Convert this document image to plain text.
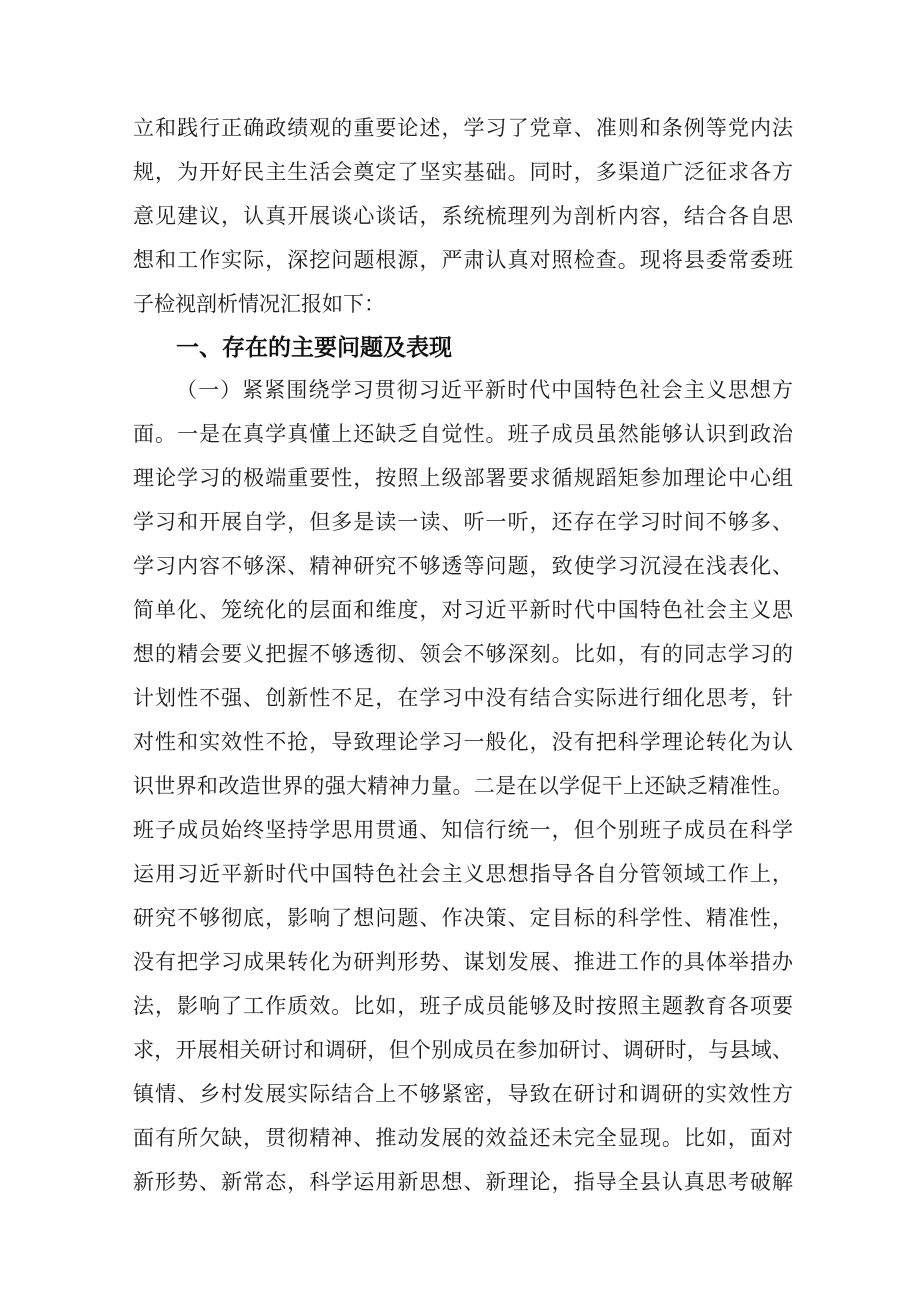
立和践行正确政绩观的重要论述，学习了党章、准则和条例等党内法
规，为开好民主生活会奠定了坚实基础。同时，多渠道广泛征求各方
意见建议，认真开展谈心谈话，系统梳理列为剖析内容，结合各自思
想和工作实际，深挖问题根源，严肃认真对照检查。现将县委常委班
子检视剖析情况汇报如下：
一、存在的主要问题及表现
（一）紧紧围绕学习贯彻习近平新时代中国特色社会主义思想方
面。一是在真学真懂上还缺乏自觉性。班子成员虽然能够认识到政治
理论学习的极端重要性，按照上级部署要求循规蹈矩参加理论中心组
学习和开展自学，但多是读一读、听一听，还存在学习时间不够多、
学习内容不够深、精神研究不够透等问题，致使学习沉浸在浅表化、
简单化、笼统化的层面和维度，对习近平新时代中国特色社会主义思
想的精会要义把握不够透彻、领会不够深刻。比如，有的同志学习的
计划性不强、创新性不足，在学习中没有结合实际进行细化思考，针
对性和实效性不抢，导致理论学习一般化，没有把科学理论转化为认
识世界和改造世界的强大精神力量。二是在以学促干上还缺乏精准性。
班子成员始终坚持学思用贯通、知信行统一，但个别班子成员在科学
运用习近平新时代中国特色社会主义思想指导各自分管领域工作上，
研究不够彻底，影响了想问题、作决策、定目标的科学性、精准性，
没有把学习成果转化为研判形势、谋划发展、推进工作的具体举措办
法，影响了工作质效。比如，班子成员能够及时按照主题教育各项要
求，开展相关研讨和调研，但个别成员在参加研讨、调研时，与县域、
镇情、乡村发展实际结合上不够紧密，导致在研讨和调研的实效性方
面有所欠缺，贯彻精神、推动发展的效益还未完全显现。比如，面对
新形势、新常态，科学运用新思想、新理论，指导全县认真思考破解
